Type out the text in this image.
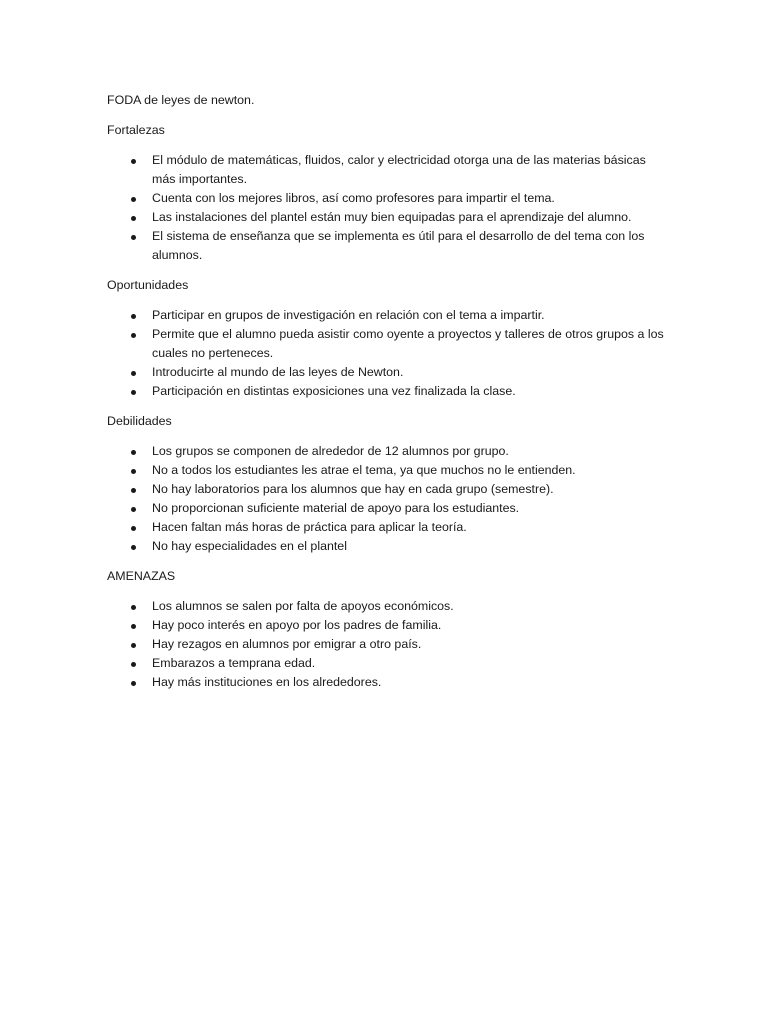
FODA de leyes de newton.

Fortalezas

El módulo de matemáticas, fluidos, calor y electricidad otorga una de las materias básicas más importantes.
Cuenta con los mejores libros, así como profesores para impartir el tema.
Las instalaciones del plantel están muy bien equipadas para el aprendizaje del alumno.
El sistema de enseñanza que se implementa es útil para el desarrollo de del tema con los alumnos.

Oportunidades

Participar en grupos de investigación en relación con el tema a impartir.
Permite que el alumno pueda asistir como oyente a proyectos y talleres de otros grupos a los cuales no perteneces.
Introducirte al mundo de las leyes de Newton.
Participación en distintas exposiciones una vez finalizada la clase.

Debilidades

Los grupos se componen de alrededor de 12 alumnos por grupo.
No a todos los estudiantes les atrae el tema, ya que muchos no le entienden.
No hay laboratorios para los alumnos que hay en cada grupo (semestre).
No proporcionan suficiente material de apoyo para los estudiantes.
Hacen faltan más horas de práctica para aplicar la teoría.
No hay especialidades en el plantel

AMENAZAS

Los alumnos se salen por falta de apoyos económicos.
Hay poco interés en apoyo por los padres de familia.
Hay rezagos en alumnos por emigrar a otro país.
Embarazos a temprana edad.
Hay más instituciones en los alrededores.
